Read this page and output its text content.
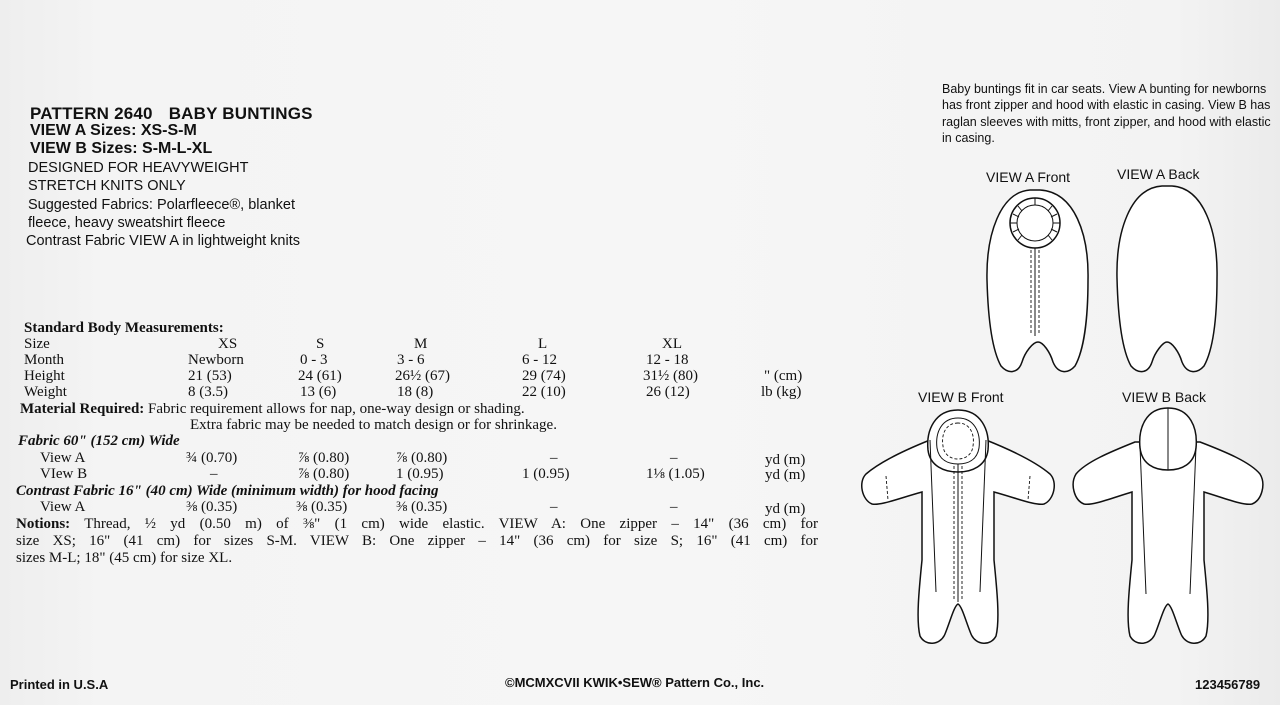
PATTERN 2640 BABY BUNTINGS
VIEW A Sizes: XS-S-M
VIEW B Sizes: S-M-L-XL
DESIGNED FOR HEAVYWEIGHT
STRETCH KNITS ONLY
Suggested Fabrics: Polarfleece®, blanket
fleece, heavy sweatshirt fleece
Contrast Fabric VIEW A in lightweight knits
Standard Body Measurements:
Size	XS	S	M	L	XL
Month	Newborn	0 - 3	3 - 6	6 - 12	12 - 18
Height	21 (53)	24 (61)	26½ (67)	29 (74)	31½ (80)	" (cm)
Weight	8 (3.5)	13 (6)	18 (8)	22 (10)	26 (12)	lb (kg)
Material Required: Fabric requirement allows for nap, one-way design or shading.
Extra fabric may be needed to match design or for shrinkage.
Fabric 60" (152 cm) Wide
View A	¾ (0.70)	⅞ (0.80)	⅞ (0.80)	–	–	yd (m)
VIew B	–	⅞ (0.80)	1 (0.95)	1 (0.95)	1⅛ (1.05)	yd (m)
Contrast Fabric 16" (40 cm) Wide (minimum width) for hood facing
View A	⅜ (0.35)	⅜ (0.35)	⅜ (0.35)	–	–	yd (m)
Notions: Thread, ½ yd (0.50 m) of ⅜" (1 cm) wide elastic. VIEW A: One zipper – 14" (36 cm) for
size XS; 16" (41 cm) for sizes S-M. VIEW B: One zipper – 14" (36 cm) for size S; 16" (41 cm) for
sizes M-L; 18" (45 cm) for size XL.
Baby buntings fit in car seats. View A bunting for newborns has front zipper and hood with elastic in casing. View B has raglan sleeves with mitts, front zipper, and hood with elastic in casing.
VIEW A Front	VIEW A Back
VIEW B Front	VIEW B Back
Printed in U.S.A	©MCMXCVII KWIK•SEW® Pattern Co., Inc.	123456789
